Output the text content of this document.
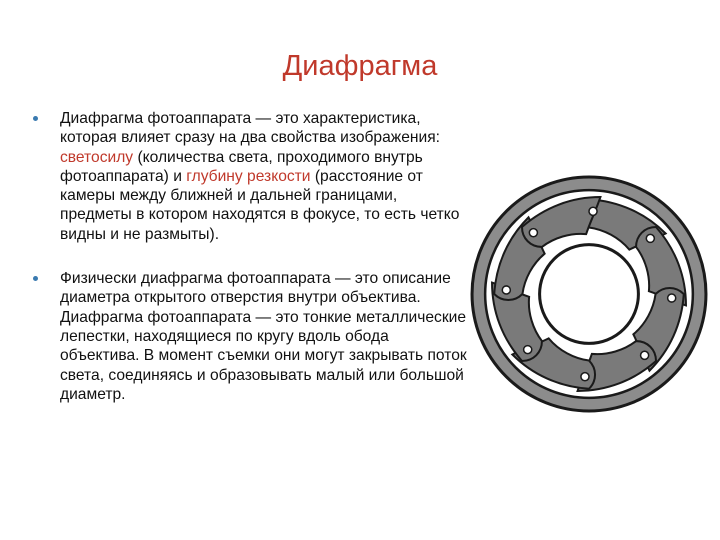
Диафрагма
Диафрагма фотоаппарата — это характеристика, которая влияет сразу на два свойства изображения: светосилу (количества света, проходимого внутрь фотоаппарата) и глубину резкости (расстояние от камеры между ближней и дальней границами, предметы в котором находятся в фокусе, то есть четко видны и не размыты).
Физически диафрагма фотоаппарата — это описание диаметра открытого отверстия внутри объектива. Диафрагма фотоаппарата — это тонкие металлические лепестки, находящиеся по кругу вдоль обода объектива. В момент съемки они могут закрывать поток света, соединяясь и образовывать малый или большой диаметр.
